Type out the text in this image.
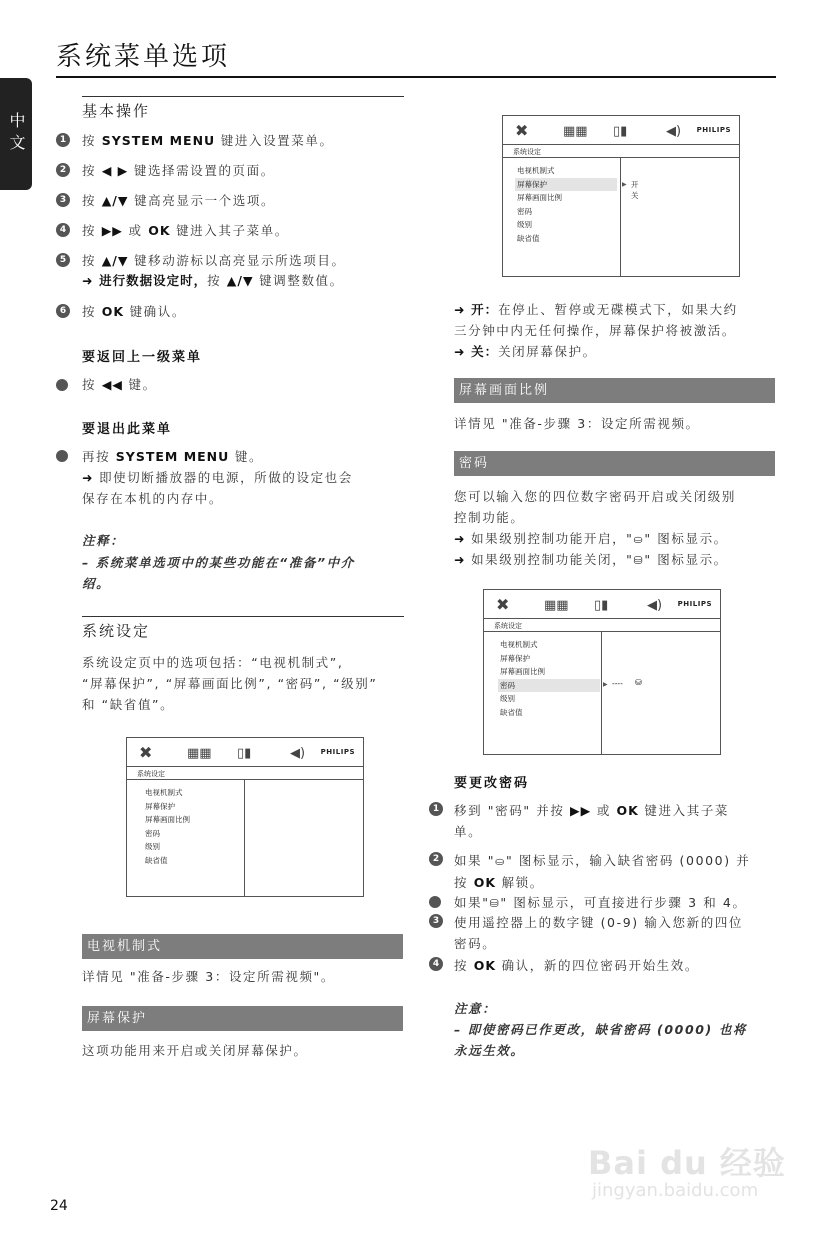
系统菜单选项
中文
基本操作
1	按 SYSTEM MENU 键进入设置菜单。
2	按 ◀ ▶ 键选择需设置的页面。
3	按 ▲/▼ 键高亮显示一个选项。
4	按 ▶▶ 或 OK 键进入其子菜单。
5	按 ▲/▼ 键移动游标以高亮显示所选项目。
➜ 进行数据设定时，按 ▲/▼ 键调整数值。
6	按 OK 键确认。
要返回上一级菜单
按 ◀◀ 键。
要退出此菜单
再按 SYSTEM MENU 键。
➜ 即使切断播放器的电源，所做的设定也会
保存在本机的内存中。
注释：
– 系统菜单选项中的某些功能在“准备”中介
绍。
系统设定
系统设定页中的选项包括：“电视机制式”,
“屏幕保护”, “屏幕画面比例”, “密码”, “级别”
和 “缺省值”。
✖	▦▦ ▯▮	◀) PHILIPS
系统设定
电视机制式
屏幕保护
屏幕画面比例
密码
级别
缺省值
电视机制式
详情见 "准备-步骤 3：设定所需视频"。
屏幕保护
这项功能用来开启或关闭屏幕保护。
✖	▦▦ ▯▮	◀) PHILIPS
系统设定
电视机制式
屏幕保护
屏幕画面比例
密码
级别
缺省值
▶ 开
关
➜ 开：在停止、暂停或无碟模式下，如果大约
三分钟中内无任何操作，屏幕保护将被激活。
➜ 关：关闭屏幕保护。
屏幕画面比例
详情见 "准备-步骤 3：设定所需视频。
密码
您可以输入您的四位数字密码开启或关闭级别
控制功能。
➜ 如果级别控制功能开启，"⛀" 图标显示。
➜ 如果级别控制功能关闭，"⛁" 图标显示。
✖	▦▦ ▯▮	◀) PHILIPS
系统设定
电视机制式
屏幕保护
屏幕画面比例
密码
级别
缺省值
▶ ---- ⛁
要更改密码
1	移到 "密码" 并按 ▶▶ 或 OK 键进入其子菜
单。
2	如果 "⛀" 图标显示，输入缺省密码 (0000) 并
按 OK 解锁。
如果"⛁" 图标显示，可直接进行步骤 3 和 4。
3	使用遥控器上的数字键 (0-9) 输入您新的四位
密码。
4	按 OK 确认，新的四位密码开始生效。
注意：
– 即使密码已作更改，缺省密码 (0000) 也将
永远生效。
Bai du 经验
jingyan.baidu.com
24
